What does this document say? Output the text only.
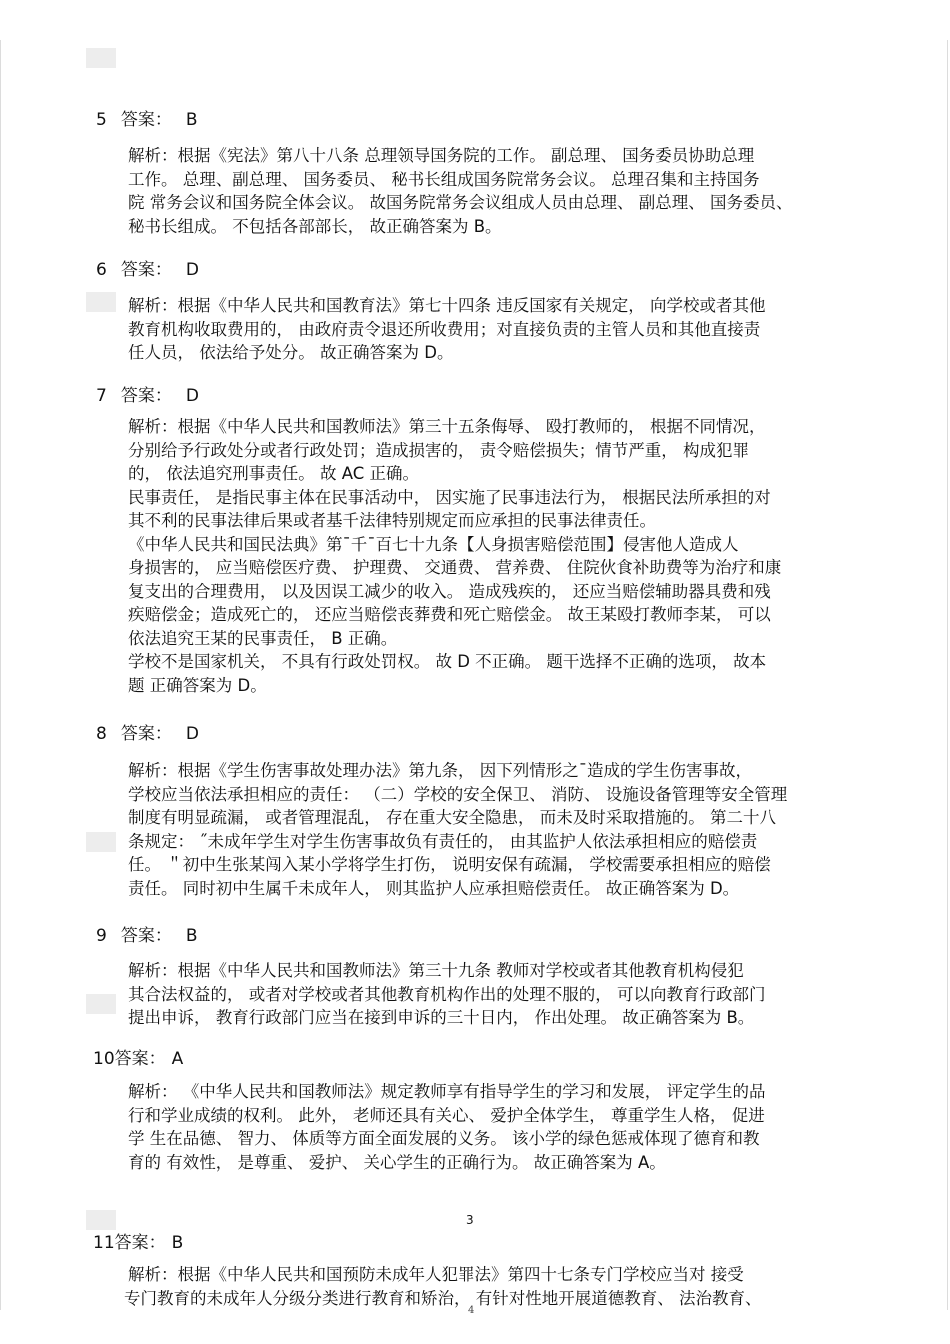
5 答案： B
解析：根据《宪法》第八十八条 总理领导国务院的工作。 副总理、 国务委员协助总理
工作。 总理、副总理、 国务委员、 秘书长组成国务院常务会议。 总理召集和主持国务
院 常务会议和国务院全体会议。 故国务院常务会议组成人员由总理、 副总理、 国务委员、
秘书长组成。 不包括各部部长， 故正确答案为 B。
6 答案： D
解析：根据《中华人民共和国教育法》第七十四条 违反国家有关规定， 向学校或者其他
教育机构收取费用的， 由政府责令退还所收费用；对直接负责的主管人员和其他直接责
任人员， 依法给予处分。 故正确答案为 D。
7 答案： D
解析：根据《中华人民共和国教师法》第三十五条侮辱、 殴打教师的， 根据不同情况，
分别给予行政处分或者行政处罚；造成损害的， 责令赔偿损失；情节严重， 构成犯罪
的， 依法追究刑事责任。 故 AC 正确。
民事责任， 是指民事主体在民事活动中， 因实施了民事违法行为， 根据民法所承担的对
其不利的民事法律后果或者基千法律特别规定而应承担的民事法律责任。
《中华人民共和国民法典》第¯千¯百七十九条【人身损害赔偿范围】侵害他人造成人
身损害的， 应当赔偿医疗费、 护理费、 交通费、 营养费、 住院伙食补助费等为治疗和康
复支出的合理费用， 以及因误工减少的收入。 造成残疾的， 还应当赔偿辅助器具费和残
疾赔偿金；造成死亡的， 还应当赔偿丧葬费和死亡赔偿金。 故王某殴打教师李某， 可以
依法追究王某的民事责任， B 正确。
学校不是国家机关， 不具有行政处罚权。 故 D 不正确。 题干选择不正确的选项， 故本
题 正确答案为 D。
8 答案： D
解析：根据《学生伤害事故处理办法》第九条， 因下列情形之¯造成的学生伤害事故，
学校应当依法承担相应的责任： （二）学校的安全保卫、 消防、 设施设备管理等安全管理
制度有明显疏漏， 或者管理混乱， 存在重大安全隐患， 而未及时采取措施的。 第二十八
条规定： ˝未成年学生对学生伤害事故负有责任的， 由其监护人依法承担相应的赔偿责
任。 ＂初中生张某闯入某小学将学生打伤， 说明安保有疏漏， 学校需要承担相应的赔偿
责任。 同时初中生属千未成年人， 则其监护人应承担赔偿责任。 故正确答案为 D。
9 答案： B
解析：根据《中华人民共和国教师法》第三十九条 教师对学校或者其他教育机构侵犯
其合法权益的， 或者对学校或者其他教育机构作出的处理不服的， 可以向教育行政部门
提出申诉， 教育行政部门应当在接到申诉的三十日内， 作出处理。 故正确答案为 B。
10答案： A
解析： 《中华人民共和国教师法》规定教师享有指导学生的学习和发展， 评定学生的品
行和学业成绩的权利。 此外， 老师还具有关心、 爱护全体学生， 尊重学生人格， 促进
学 生在品德、 智力、 体质等方面全面发展的义务。 该小学的绿色惩戒体现了德育和教
育的 有效性， 是尊重、 爱护、 关心学生的正确行为。 故正确答案为 A。
3
11答案： B
解析：根据《中华人民共和国预防未成年人犯罪法》第四十七条专门学校应当对 接受
专门教育的未成年人分级分类进行教育和矫治， 有针对性地开展道德教育、 法治教育、
4
